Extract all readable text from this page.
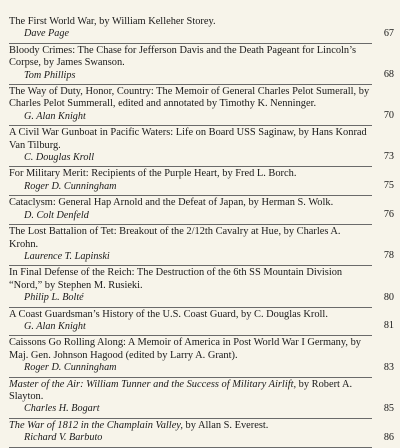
The First World War, by William Kelleher Storey.
Dave Page	67
Bloody Crimes: The Chase for Jefferson Davis and the Death Pageant for Lincoln’s Corpse, by James Swanson.
Tom Phillips	68
The Way of Duty, Honor, Country: The Memoir of General Charles Pelot Sumerall, by Charles Pelot Summerall, edited and annotated by Timothy K. Nenninger.
G. Alan Knight	70
A Civil War Gunboat in Pacific Waters: Life on Board USS Saginaw, by Hans Konrad Van Tilburg.
C. Douglas Kroll	73
For Military Merit: Recipients of the Purple Heart, by Fred L. Borch.
Roger D. Cunningham	75
Cataclysm: General Hap Arnold and the Defeat of Japan, by Herman S. Wolk.
D. Colt Denfeld	76
The Lost Battalion of Tet: Breakout of the 2/12th Cavalry at Hue, by Charles A. Krohn.
Laurence T. Lapinski	78
In Final Defense of the Reich: The Destruction of the 6th SS Mountain Division “Nord,” by Stephen M. Rusieki.
Philip L. Bolté	80
A Coast Guardsman’s History of the U.S. Coast Guard, by C. Douglas Kroll.
G. Alan Knight	81
Caissons Go Rolling Along: A Memoir of America in Post World War I Germany, by Maj. Gen. Johnson Hagood (edited by Larry A. Grant).
Roger D. Cunningham	83
Master of the Air: William Tunner and the Success of Military Airlift, by Robert A. Slayton.
Charles H. Bogart	85
The War of 1812 in the Champlain Valley, by Allan S. Everest.
Richard V. Barbuto	86
